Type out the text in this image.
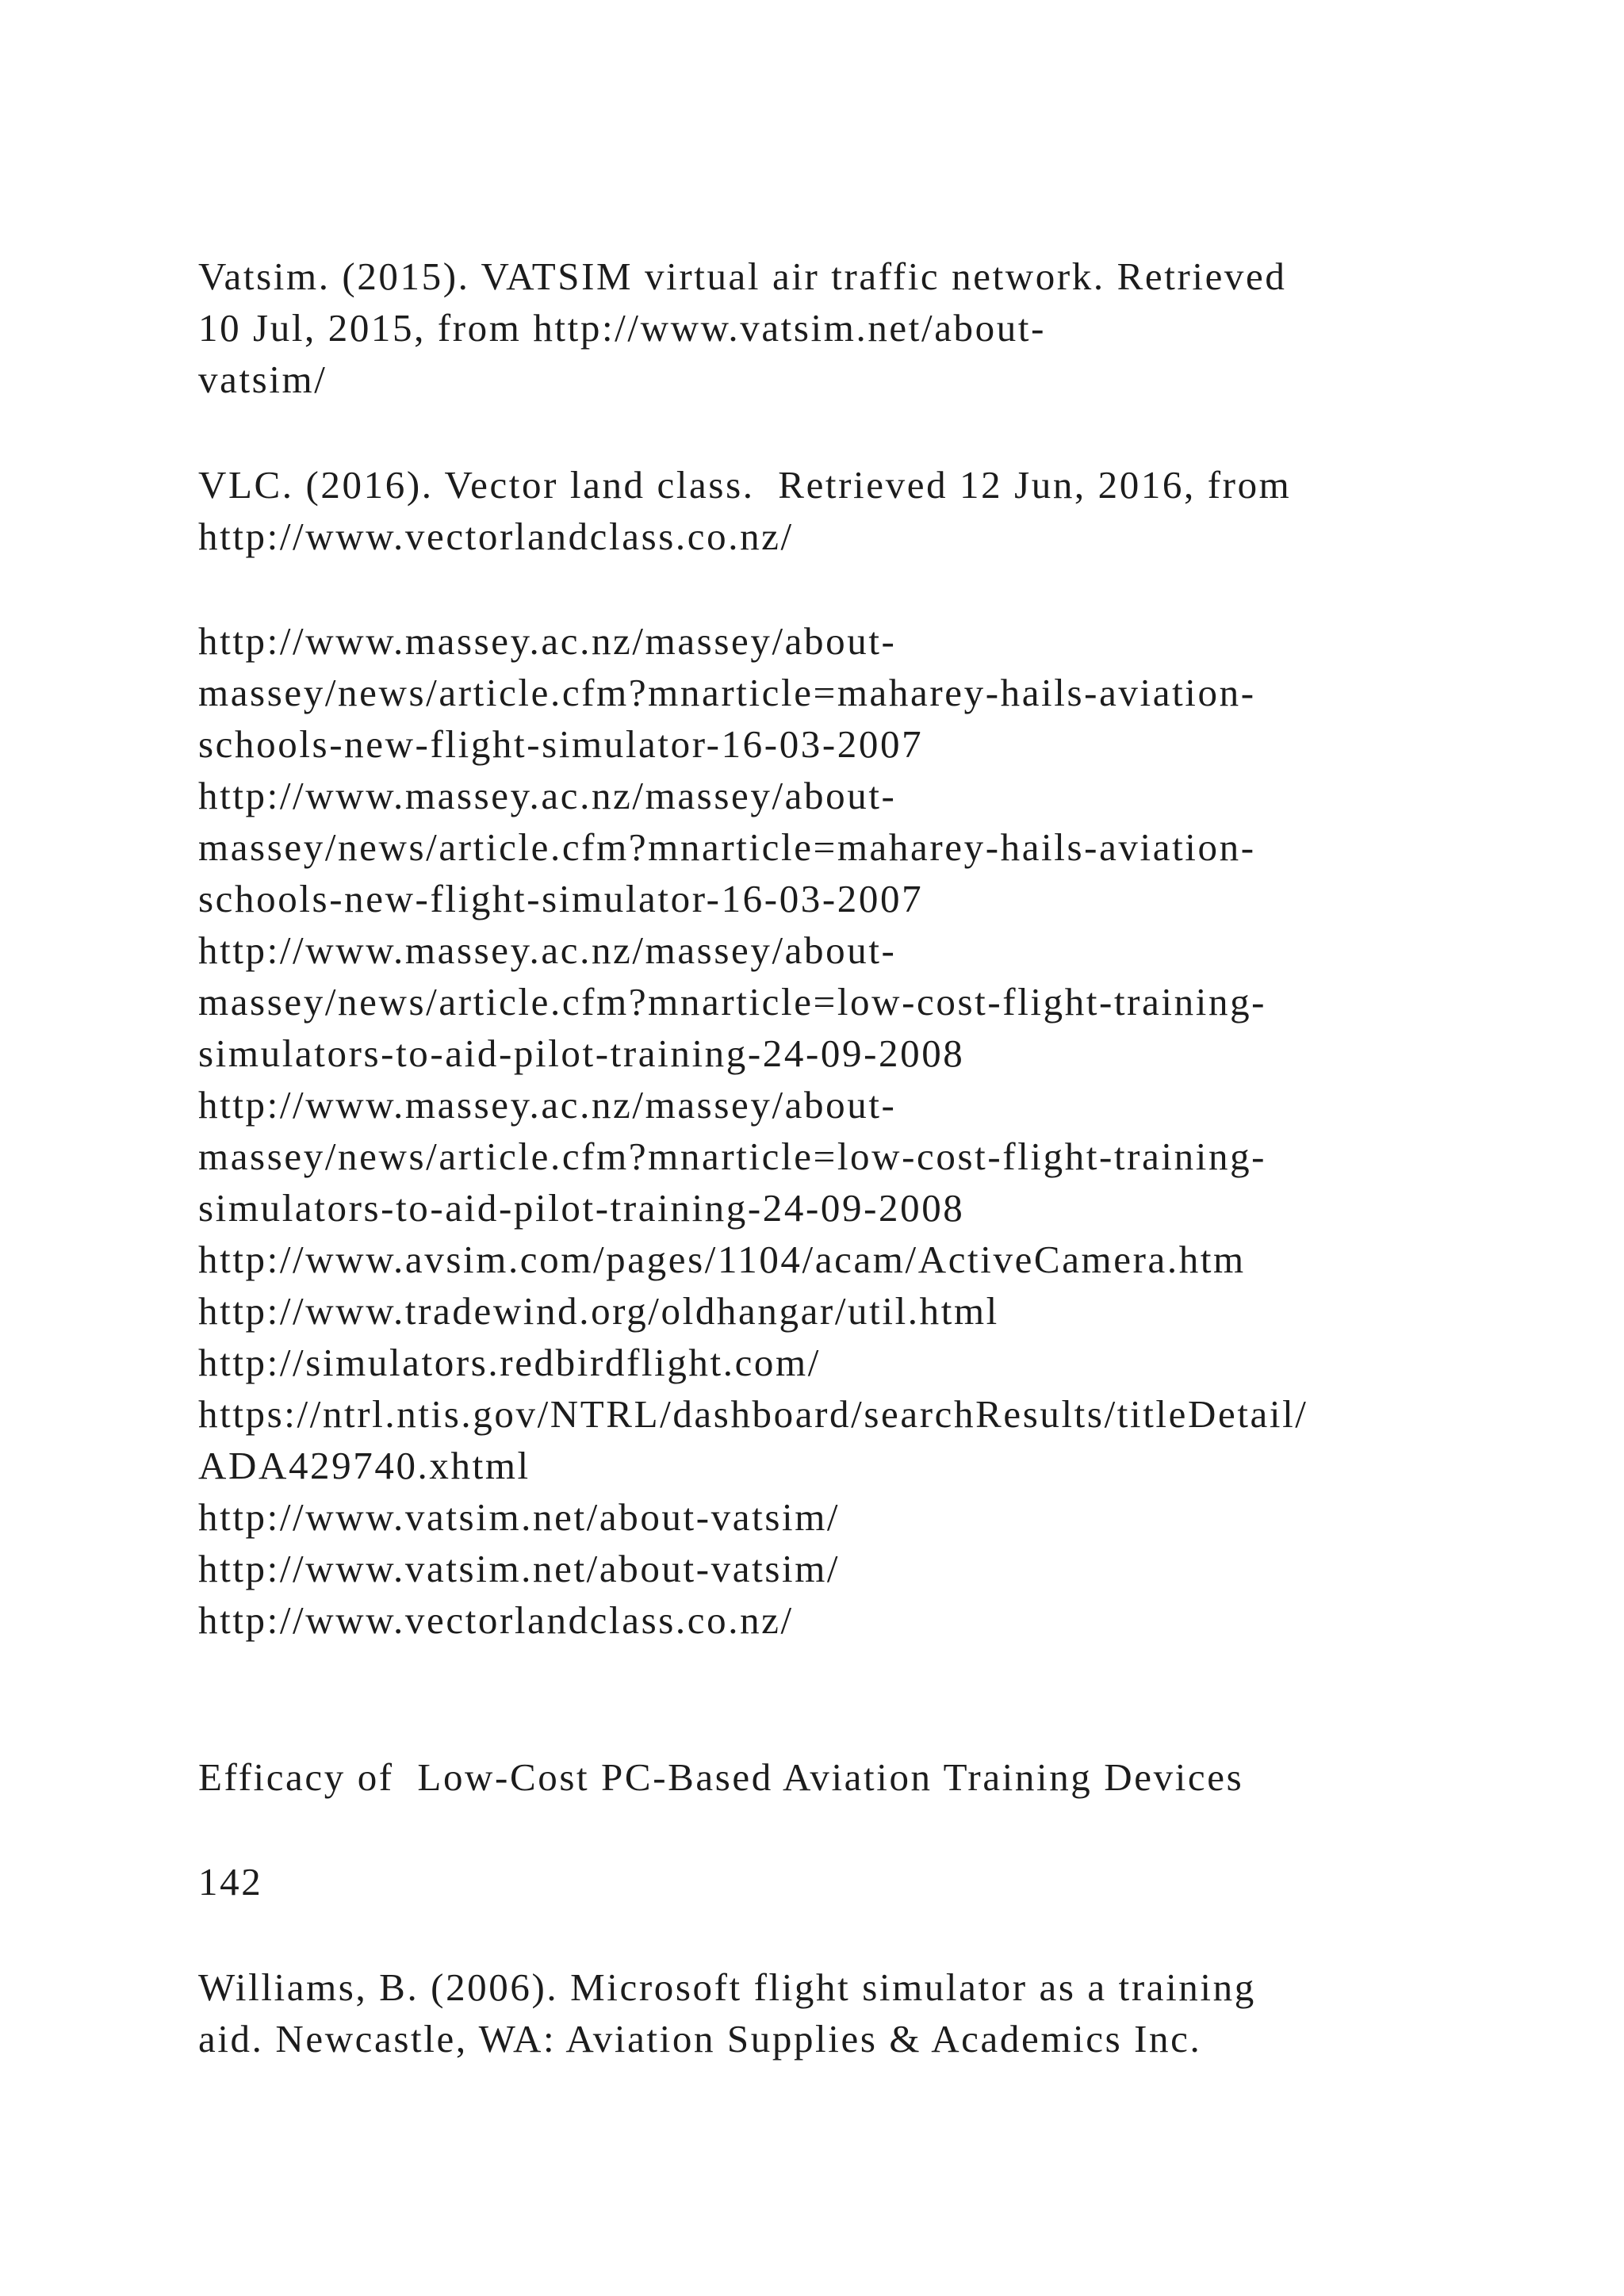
Vatsim. (2015). VATSIM virtual air traffic network. Retrieved

10 Jul, 2015, from http://www.vatsim.net/about-

vatsim/

VLC. (2016). Vector land class.  Retrieved 12 Jun, 2016, from

http://www.vectorlandclass.co.nz/

http://www.massey.ac.nz/massey/about-

massey/news/article.cfm?mnarticle=maharey-hails-aviation-

schools-new-flight-simulator-16-03-2007

http://www.massey.ac.nz/massey/about-

massey/news/article.cfm?mnarticle=maharey-hails-aviation-

schools-new-flight-simulator-16-03-2007

http://www.massey.ac.nz/massey/about-

massey/news/article.cfm?mnarticle=low-cost-flight-training-

simulators-to-aid-pilot-training-24-09-2008

http://www.massey.ac.nz/massey/about-

massey/news/article.cfm?mnarticle=low-cost-flight-training-

simulators-to-aid-pilot-training-24-09-2008

http://www.avsim.com/pages/1104/acam/ActiveCamera.htm

http://www.tradewind.org/oldhangar/util.html

http://simulators.redbirdflight.com/

https://ntrl.ntis.gov/NTRL/dashboard/searchResults/titleDetail/

ADA429740.xhtml

http://www.vatsim.net/about-vatsim/

http://www.vatsim.net/about-vatsim/

http://www.vectorlandclass.co.nz/

Efficacy of  Low-Cost PC-Based Aviation Training Devices

142

Williams, B. (2006). Microsoft flight simulator as a training

aid. Newcastle, WA: Aviation Supplies & Academics Inc.
